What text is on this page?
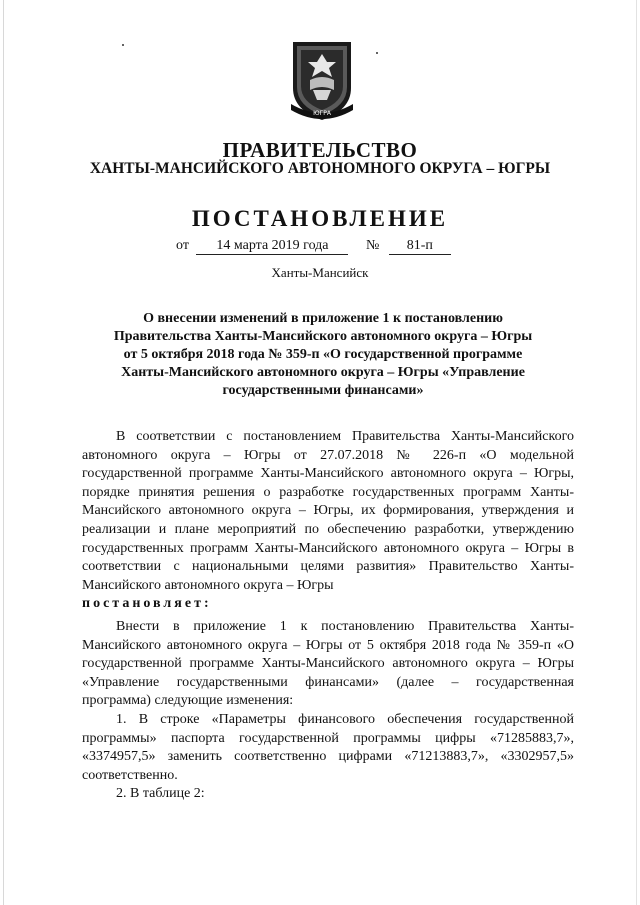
ЮГРА
ПРАВИТЕЛЬСТВО
ХАНТЫ-МАНСИЙСКОГО АВТОНОМНОГО ОКРУГА – ЮГРЫ
ПОСТАНОВЛЕНИЕ
от 14 марта 2019 года	№ 81-п
Ханты-Мансийск
О внесении изменений в приложение 1 к постановлению
Правительства Ханты-Мансийского автономного округа – Югры
от 5 октября 2018 года № 359-п «О государственной программе
Ханты-Мансийского автономного округа – Югры «Управление
государственными финансами»

В соответствии с постановлением Правительства Ханты-Мансийского автономного округа – Югры от 27.07.2018 № 226-п «О модельной государственной программе Ханты-Мансийского автономного округа – Югры, порядке принятия решения о разработке государственных программ Ханты-Мансийского автономного округа – Югры, их формирования, утверждения и реализации и плане мероприятий по обеспечению разработки, утверждению государственных программ Ханты-Мансийского автономного округа – Югры в соответствии с национальными целями развития» Правительство Ханты-Мансийского автономного округа – Югры

постановляет:

Внести в приложение 1 к постановлению Правительства Ханты-Мансийского автономного округа – Югры от 5 октября 2018 года № 359-п «О государственной программе Ханты-Мансийского автономного округа – Югры «Управление государственными финансами» (далее – государственная программа) следующие изменения:

1. В строке «Параметры финансового обеспечения государственной программы» паспорта государственной программы цифры «71285883,7», «3374957,5» заменить соответственно цифрами «71213883,7», «3302957,5» соответственно.

2. В таблице 2:
